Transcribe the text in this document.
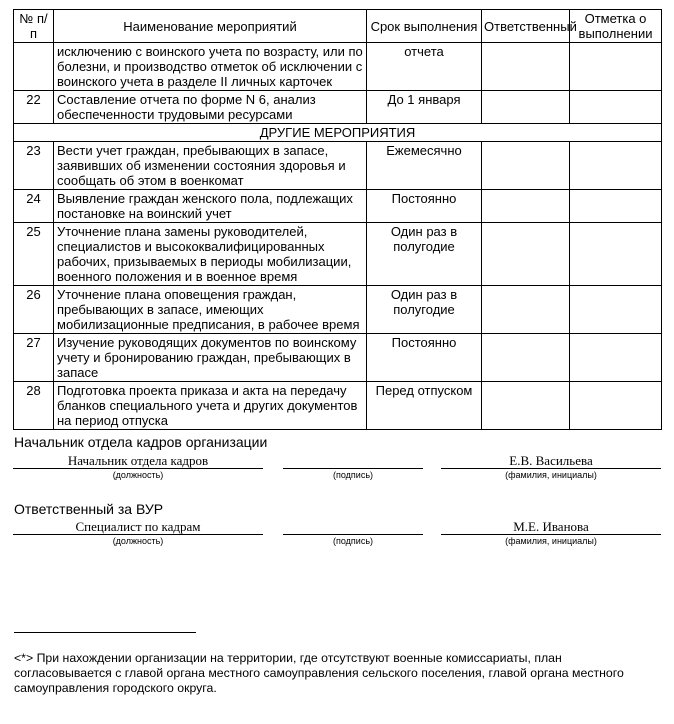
№ п/п	Наименование мероприятий	Срок выполнения	Ответственный	Отметка о выполнении
	исключению с воинского учета по возрасту, или по болезни, и производство отметок об исключении с воинского учета в разделе II личных карточек	отчета		
22	Составление отчета по форме N 6, анализ обеспеченности трудовыми ресурсами	До 1 января		
ДРУГИЕ МЕРОПРИЯТИЯ				
23	Вести учет граждан, пребывающих в запасе, заявивших об изменении состояния здоровья и сообщать об этом в военкомат	Ежемесячно		
24	Выявление граждан женского пола, подлежащих постановке на воинский учет	Постоянно		
25	Уточнение плана замены руководителей, специалистов и высококвалифицированных рабочих, призываемых в периоды мобилизации, военного положения и в военное время	Один раз в полугодие		
26	Уточнение плана оповещения граждан, пребывающих в запасе, имеющих мобилизационные предписания, в рабочее время	Один раз в полугодие		
27	Изучение руководящих документов по воинскому учету и бронированию граждан, пребывающих в запасе	Постоянно		
28	Подготовка проекта приказа и акта на передачу бланков специального учета и других документов на период отпуска	Перед отпуском		
Начальник отдела кадров организации
Начальник отдела кадров	Е.В. Васильева
(должность)	(подпись)	(фамилия, инициалы)
Ответственный за ВУР
Специалист по кадрам	М.Е. Иванова
(должность)	(подпись)	(фамилия, инициалы)
<*> При нахождении организации на территории, где отсутствуют военные комиссариаты, план согласовывается с главой органа местного самоуправления сельского поселения, главой органа местного самоуправления городского округа.
